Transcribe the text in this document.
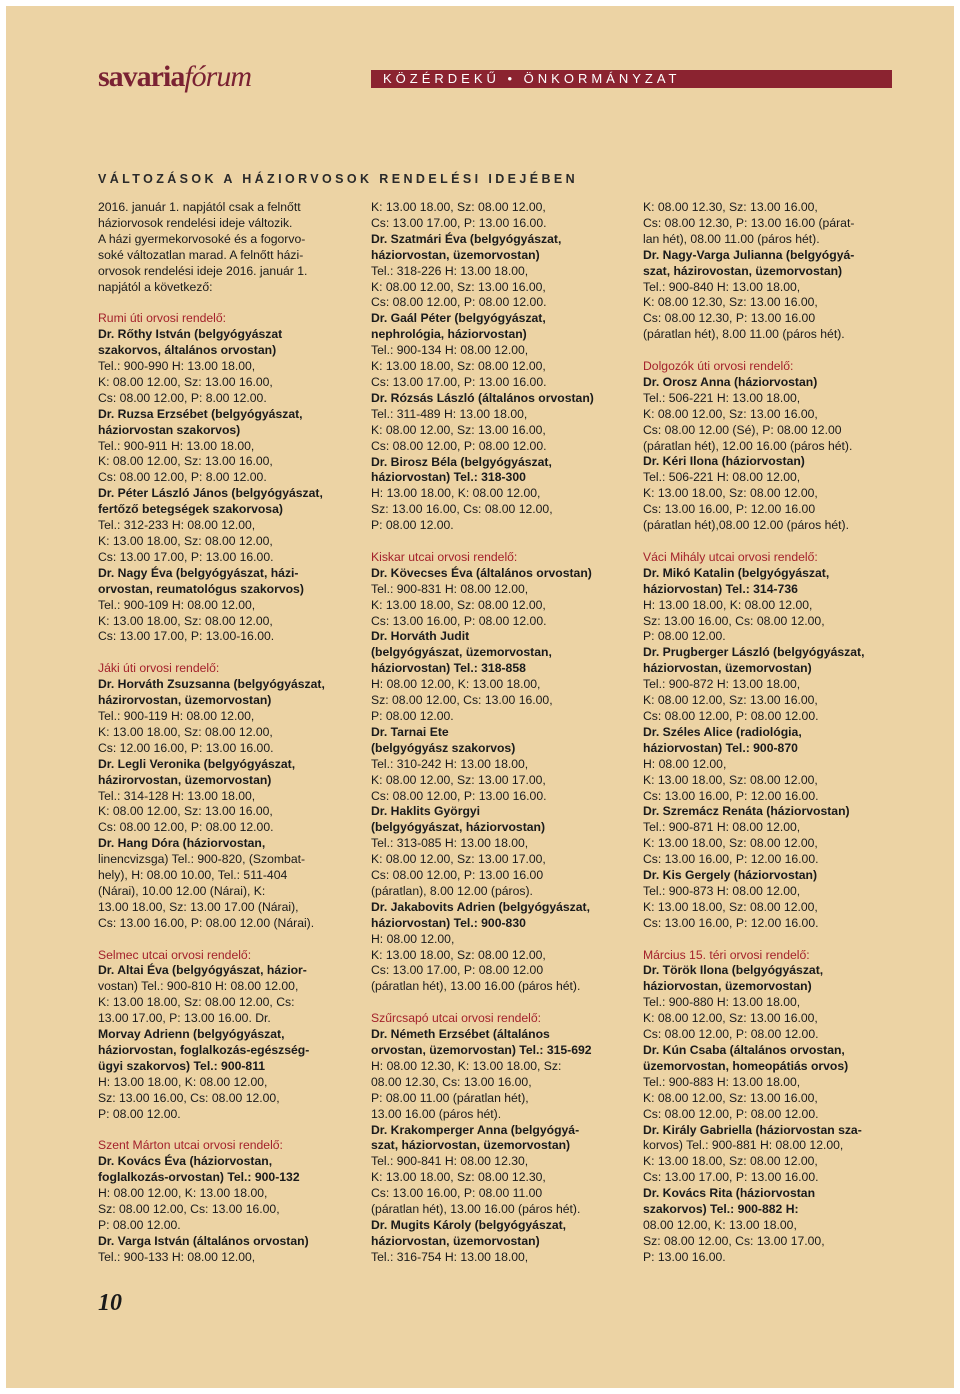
savariafórum	KÖZÉRDEKŰ • ÖNKORMÁNYZAT
VÁLTOZÁSOK A HÁZIORVOSOK RENDELÉSI IDEJÉBEN

2016. január 1. napjától csak a felnőtt

háziorvosok rendelési ideje változik.

A házi gyermekorvosoké és a fogorvo-

soké változatlan marad. A felnőtt házi-

orvosok rendelési ideje 2016. január 1.

napjától a következő:

Rumi úti orvosi rendelő:

Dr. Rőthy István (belgyógyászat

szakorvos, általános orvostan)

Tel.: 900-990 H: 13.00 18.00,

K: 08.00 12.00, Sz: 13.00 16.00,

Cs: 08.00 12.00, P: 8.00 12.00.

Dr. Ruzsa Erzsébet (belgyógyászat,

háziorvostan szakorvos)

Tel.: 900-911 H: 13.00 18.00,

K: 08.00 12.00, Sz: 13.00 16.00,

Cs: 08.00 12.00, P: 8.00 12.00.

Dr. Péter László János (belgyógyászat,

fertőző betegségek szakorvosa)

Tel.: 312-233 H: 08.00 12.00,

K: 13.00 18.00, Sz: 08.00 12.00,

Cs: 13.00 17.00, P: 13.00 16.00.

Dr. Nagy Éva (belgyógyászat, házi-

orvostan, reumatológus szakorvos)

Tel.: 900-109 H: 08.00 12.00,

K: 13.00 18.00, Sz: 08.00 12.00,

Cs: 13.00 17.00, P: 13.00-16.00.

Jáki úti orvosi rendelő:

Dr. Horváth Zsuzsanna (belgyógyászat,

házirorvostan, üzemorvostan)

Tel.: 900-119 H: 08.00 12.00,

K: 13.00 18.00, Sz: 08.00 12.00,

Cs: 12.00 16.00, P: 13.00 16.00.

Dr. Legli Veronika (belgyógyászat,

házirorvostan, üzemorvostan)

Tel.: 314-128 H: 13.00 18.00,

K: 08.00 12.00, Sz: 13.00 16.00,

Cs: 08.00 12.00, P: 08.00 12.00.

Dr. Hang Dóra (háziorvostan,

linencvizsga) Tel.: 900-820, (Szombat-

hely), H: 08.00 10.00, Tel.: 511-404

(Nárai), 10.00 12.00 (Nárai), K:

13.00 18.00, Sz: 13.00 17.00 (Nárai),

Cs: 13.00 16.00, P: 08.00 12.00 (Nárai).

Selmec utcai orvosi rendelő:

Dr. Altai Éva (belgyógyászat, házior-

vostan) Tel.: 900-810 H: 08.00 12.00,

K: 13.00 18.00, Sz: 08.00 12.00, Cs:

13.00 17.00, P: 13.00 16.00. Dr.

Morvay Adrienn (belgyógyászat,

háziorvostan, foglalkozás-egészség-

ügyi szakorvos) Tel.: 900-811

H: 13.00 18.00, K: 08.00 12.00,

Sz: 13.00 16.00, Cs: 08.00 12.00,

P: 08.00 12.00.

Szent Márton utcai orvosi rendelő:

Dr. Kovács Éva (háziorvostan,

foglalkozás-orvostan) Tel.: 900-132

H: 08.00 12.00, K: 13.00 18.00,

Sz: 08.00 12.00, Cs: 13.00 16.00,

P: 08.00 12.00.

Dr. Varga István (általános orvostan)

Tel.: 900-133 H: 08.00 12.00,

K: 13.00 18.00, Sz: 08.00 12.00,

Cs: 13.00 17.00, P: 13.00 16.00.

Dr. Szatmári Éva (belgyógyászat,

háziorvostan, üzemorvostan)

Tel.: 318-226 H: 13.00 18.00,

K: 08.00 12.00, Sz: 13.00 16.00,

Cs: 08.00 12.00, P: 08.00 12.00.

Dr. Gaál Péter (belgyógyászat,

nephrológia, háziorvostan)

Tel.: 900-134 H: 08.00 12.00,

K: 13.00 18.00, Sz: 08.00 12.00,

Cs: 13.00 17.00, P: 13.00 16.00.

Dr. Rózsás László (általános orvostan)

Tel.: 311-489 H: 13.00 18.00,

K: 08.00 12.00, Sz: 13.00 16.00,

Cs: 08.00 12.00, P: 08.00 12.00.

Dr. Birosz Béla (belgyógyászat,

háziorvostan) Tel.: 318-300

H: 13.00 18.00, K: 08.00 12.00,

Sz: 13.00 16.00, Cs: 08.00 12.00,

P: 08.00 12.00.

Kiskar utcai orvosi rendelő:

Dr. Kövecses Éva (általános orvostan)

Tel.: 900-831 H: 08.00 12.00,

K: 13.00 18.00, Sz: 08.00 12.00,

Cs: 13.00 16.00, P: 08.00 12.00.

Dr. Horváth Judit

(belgyógyászat, üzemorvostan,

háziorvostan) Tel.: 318-858

H: 08.00 12.00, K: 13.00 18.00,

Sz: 08.00 12.00, Cs: 13.00 16.00,

P: 08.00 12.00.

Dr. Tarnai Ete

(belgyógyász szakorvos)

Tel.: 310-242 H: 13.00 18.00,

K: 08.00 12.00, Sz: 13.00 17.00,

Cs: 08.00 12.00, P: 13.00 16.00.

Dr. Haklits Györgyi

(belgyógyászat, háziorvostan)

Tel.: 313-085 H: 13.00 18.00,

K: 08.00 12.00, Sz: 13.00 17.00,

Cs: 08.00 12.00, P: 13.00 16.00

(páratlan), 8.00 12.00 (páros).

Dr. Jakabovits Adrien (belgyógyászat,

háziorvostan) Tel.: 900-830

H: 08.00 12.00,

K: 13.00 18.00, Sz: 08.00 12.00,

Cs: 13.00 17.00, P: 08.00 12.00

(páratlan hét), 13.00 16.00 (páros hét).

Szűrcsapó utcai orvosi rendelő:

Dr. Németh Erzsébet (általános

orvostan, üzemorvostan) Tel.: 315-692

H: 08.00 12.30, K: 13.00 18.00, Sz:

08.00 12.30, Cs: 13.00 16.00,

P: 08.00 11.00 (páratlan hét),

13.00 16.00 (páros hét).

Dr. Krakomperger Anna (belgyógyá-

szat, háziorvostan, üzemorvostan)

Tel.: 900-841 H: 08.00 12.30,

K: 13.00 18.00, Sz: 08.00 12.30,

Cs: 13.00 16.00, P: 08.00 11.00

(páratlan hét), 13.00 16.00 (páros hét).

Dr. Mugits Károly (belgyógyászat,

háziorvostan, üzemorvostan)

Tel.: 316-754 H: 13.00 18.00,

K: 08.00 12.30, Sz: 13.00 16.00,

Cs: 08.00 12.30, P: 13.00 16.00 (párat-

lan hét), 08.00 11.00 (páros hét).

Dr. Nagy-Varga Julianna (belgyógyá-

szat, házirovostan, üzemorvostan)

Tel.: 900-840 H: 13.00 18.00,

K: 08.00 12.30, Sz: 13.00 16.00,

Cs: 08.00 12.30, P: 13.00 16.00

(páratlan hét), 8.00 11.00 (páros hét).

Dolgozók úti orvosi rendelő:

Dr. Orosz Anna (háziorvostan)

Tel.: 506-221 H: 13.00 18.00,

K: 08.00 12.00, Sz: 13.00 16.00,

Cs: 08.00 12.00 (Sé), P: 08.00 12.00

(páratlan hét), 12.00 16.00 (páros hét).

Dr. Kéri Ilona (háziorvostan)

Tel.: 506-221 H: 08.00 12.00,

K: 13.00 18.00, Sz: 08.00 12.00,

Cs: 13.00 16.00, P: 12.00 16.00

(páratlan hét),08.00 12.00 (páros hét).

Váci Mihály utcai orvosi rendelő:

Dr. Mikó Katalin (belgyógyászat,

háziorvostan) Tel.: 314-736

H: 13.00 18.00, K: 08.00 12.00,

Sz: 13.00 16.00, Cs: 08.00 12.00,

P: 08.00 12.00.

Dr. Prugberger László (belgyógyászat,

háziorvostan, üzemorvostan)

Tel.: 900-872 H: 13.00 18.00,

K: 08.00 12.00, Sz: 13.00 16.00,

Cs: 08.00 12.00, P: 08.00 12.00.

Dr. Széles Alice (radiológia,

háziorvostan) Tel.: 900-870

H: 08.00 12.00,

K: 13.00 18.00, Sz: 08.00 12.00,

Cs: 13.00 16.00, P: 12.00 16.00.

Dr. Szremácz Renáta (háziorvostan)

Tel.: 900-871 H: 08.00 12.00,

K: 13.00 18.00, Sz: 08.00 12.00,

Cs: 13.00 16.00, P: 12.00 16.00.

Dr. Kis Gergely (háziorvostan)

Tel.: 900-873 H: 08.00 12.00,

K: 13.00 18.00, Sz: 08.00 12.00,

Cs: 13.00 16.00, P: 12.00 16.00.

Március 15. téri orvosi rendelő:

Dr. Török Ilona (belgyógyászat,

háziorvostan, üzemorvostan)

Tel.: 900-880 H: 13.00 18.00,

K: 08.00 12.00, Sz: 13.00 16.00,

Cs: 08.00 12.00, P: 08.00 12.00.

Dr. Kún Csaba (általános orvostan,

üzemorvostan, homeopátiás orvos)

Tel.: 900-883 H: 13.00 18.00,

K: 08.00 12.00, Sz: 13.00 16.00,

Cs: 08.00 12.00, P: 08.00 12.00.

Dr. Király Gabriella (háziorvostan sza-

korvos) Tel.: 900-881 H: 08.00 12.00,

K: 13.00 18.00, Sz: 08.00 12.00,

Cs: 13.00 17.00, P: 13.00 16.00.

Dr. Kovács Rita (háziorvostan

szakorvos) Tel.: 900-882 H:

08.00 12.00, K: 13.00 18.00,

Sz: 08.00 12.00, Cs: 13.00 17.00,

P: 13.00 16.00.

10
